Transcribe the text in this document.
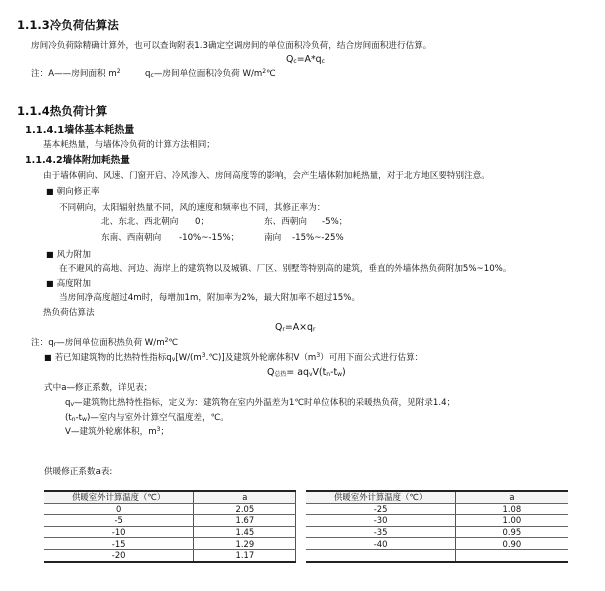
1.1.3冷负荷估算法
房间冷负荷除精确计算外，也可以查询附表1.3确定空调房间的单位面积冷负荷，结合房间面积进行估算。
$Q_c=A*q_c$
注：A——房间面积 $m^2$	$q_c—$房间单位面积冷负荷 $W/m^2℃$
1.1.4热负荷计算
1.1.4.1墙体基本耗热量
基本耗热量，与墙体冷负荷的计算方法相同；
1.1.4.2墙体附加耗热量
由于墙体朝向、风速、门窗开启、冷风渗入、房间高度等的影响，会产生墙体附加耗热量，对于北方地区要特别注意。
■ 朝向修正率
不同朝向，太阳辐射热量不同，风的速度和频率也不同，其修正率为：
北、东北、西北朝向 0；	东、西朝向 -5%；
东南、西南朝向 -10%~-15%；	南向 -15%~-25%
■ 风力附加
在不避风的高地、河边、海岸上的建筑物以及城镇、厂区、别墅等特别高的建筑，垂直的外墙体热负荷附加5%~10%。
■ 高度附加
当房间净高度超过4m时，每增加1m，附加率为2%，最大附加率不超过15%。
热负荷估算法
$Q_r=A\times q_r$
注：$q_r—$房间单位面积热负荷 $W/m^2℃$
■ 若已知建筑物的比热特性指标$q_v[W/(m^3.℃)]$及建筑外轮廓体积$V(m^3)$可用下面公式进行估算：
$Q_{总热}= aq_vV(t_n-t_w)$
式中a—修正系数，详见表；
$q_v—$建筑物比热特性指标，定义为：建筑物在室内外温差为1℃时单位体积的采暖热负荷，见附录1.4；
$(t_n-t_w)—$室内与室外计算空气温度差，℃。
V—建筑外轮廓体积，$m^3$；
供暖修正系数a表:
供暖室外计算温度（℃）	a		供暖室外计算温度（℃）	a
0	2.05		-25	1.08
-5	1.67		-30	1.00
-10	1.45		-35	0.95
-15	1.29		-40	0.90
-20	1.17			
